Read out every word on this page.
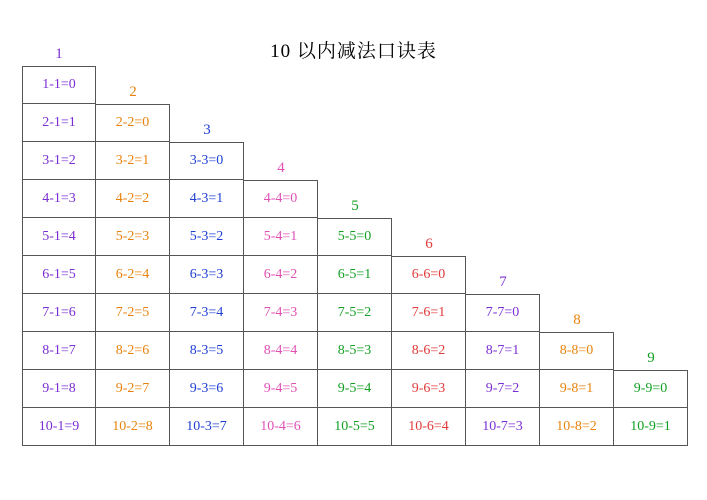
10 以内减法口诀表
1-1=0
2-1=1	2-2=0
3-1=2	3-2=1	3-3=0
4-1=3	4-2=2	4-3=1	4-4=0
5-1=4	5-2=3	5-3=2	5-4=1	5-5=0
6-1=5	6-2=4	6-3=3	6-4=2	6-5=1	6-6=0
7-1=6	7-2=5	7-3=4	7-4=3	7-5=2	7-6=1	7-7=0
8-1=7	8-2=6	8-3=5	8-4=4	8-5=3	8-6=2	8-7=1	8-8=0
9-1=8	9-2=7	9-3=6	9-4=5	9-5=4	9-6=3	9-7=2	9-8=1	9-9=0
10-1=9	10-2=8	10-3=7	10-4=6	10-5=5	10-6=4	10-7=3	10-8=2	10-9=1
1
2
3
4
5
6
7
8
9
